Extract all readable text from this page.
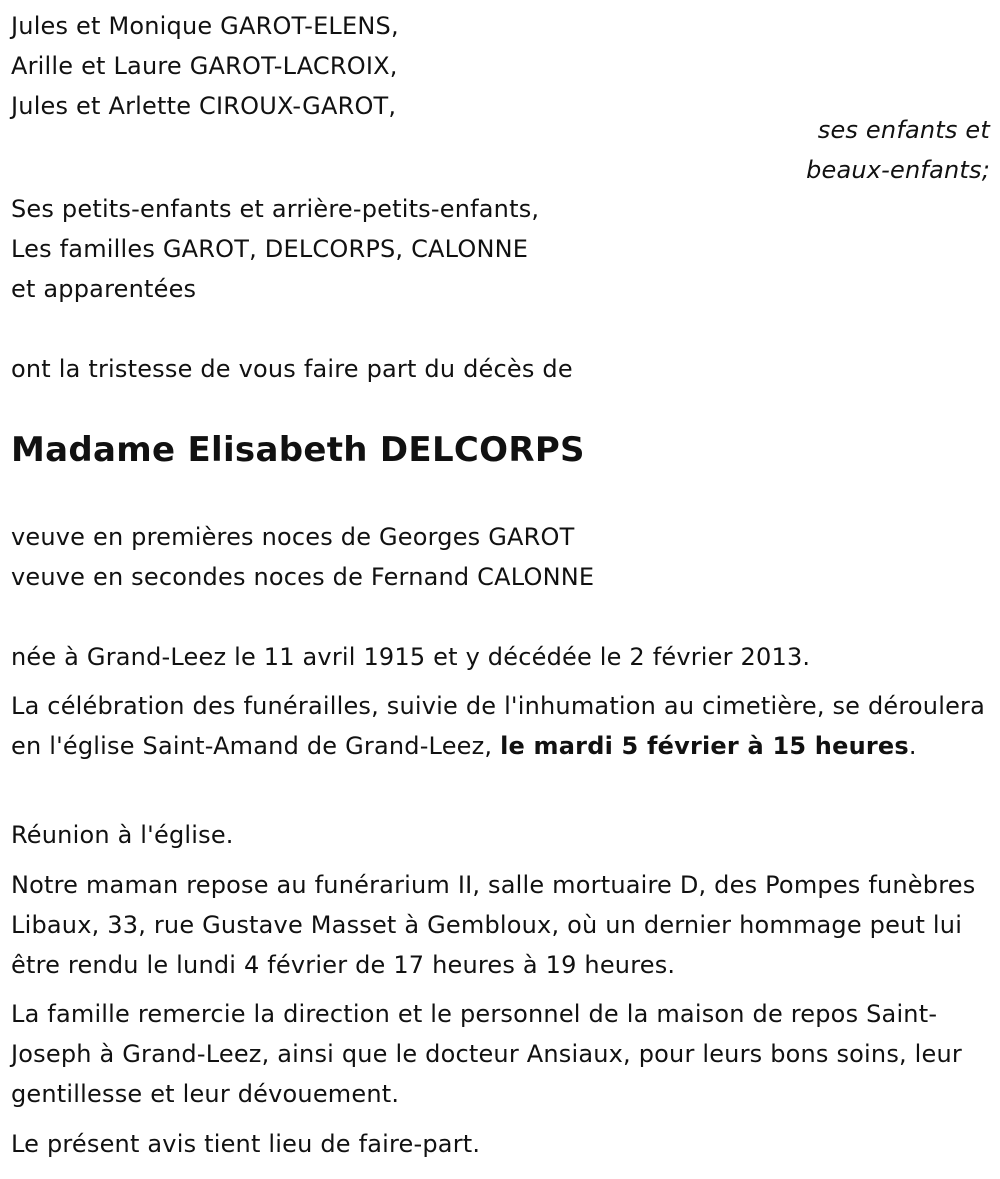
Jules et Monique GAROT-ELENS,
Arille et Laure GAROT-LACROIX,
Jules et Arlette CIROUX-GAROT,
ses enfants et
beaux-enfants;
Ses petits-enfants et arrière-petits-enfants,
Les familles GAROT, DELCORPS, CALONNE
et apparentées
ont la tristesse de vous faire part du décès de
Madame Elisabeth DELCORPS
veuve en premières noces de Georges GAROT
veuve en secondes noces de Fernand CALONNE
née à Grand-Leez le 11 avril 1915 et y décédée le 2 février 2013.

La célébration des funérailles, suivie de l'inhumation au cimetière, se déroulera en l'église Saint-Amand de Grand-Leez, le mardi 5 février à 15 heures.

Réunion à l'église.

Notre maman repose au funérarium II, salle mortuaire D, des Pompes funèbres Libaux, 33, rue Gustave Masset à Gembloux, où un dernier hommage peut lui être rendu le lundi 4 février de 17 heures à 19 heures.

La famille remercie la direction et le personnel de la maison de repos Saint-Joseph à Grand-Leez, ainsi que le docteur Ansiaux, pour leurs bons soins, leur gentillesse et leur dévouement.

Le présent avis tient lieu de faire-part.
